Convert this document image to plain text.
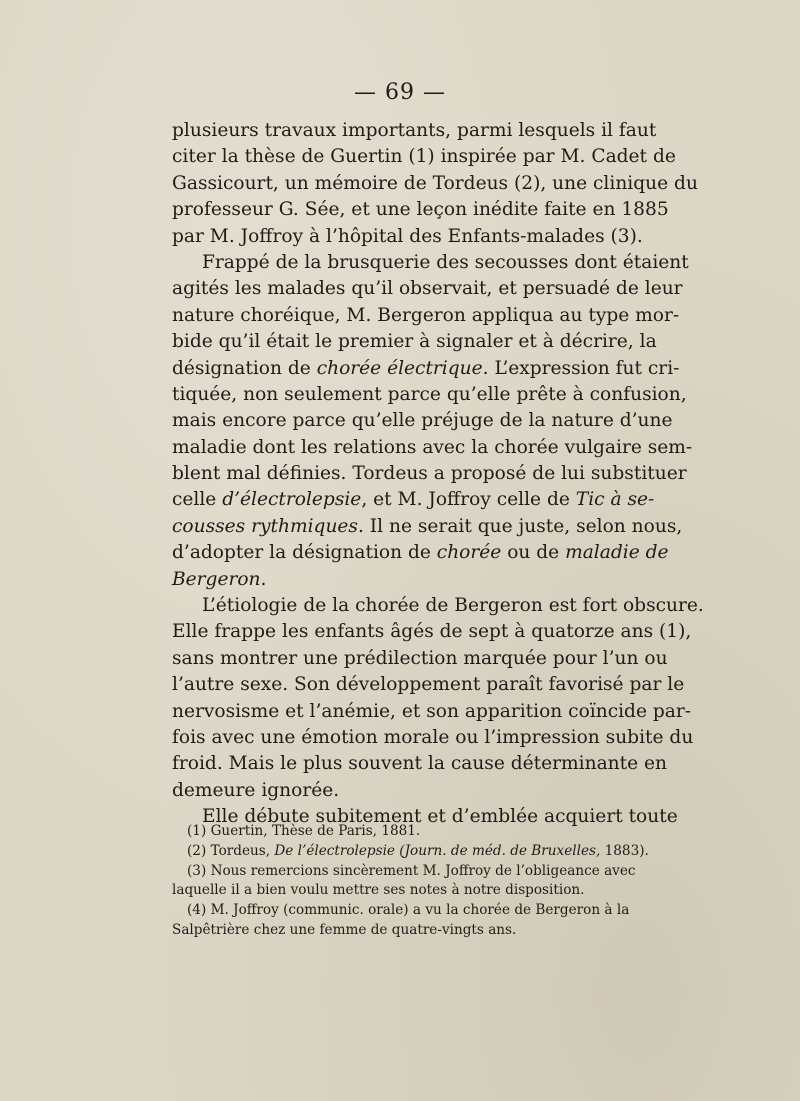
— 69 —
plusieurs travaux importants, parmi lesquels il faut
citer la thèse de Guertin (1) inspirée par M. Cadet de
Gassicourt, un mémoire de Tordeus (2), une clinique du
professeur G. Sée, et une leçon inédite faite en 1885
par M. Joffroy à l’hôpital des Enfants-malades (3).
Frappé de la brusquerie des secousses dont étaient
agités les malades qu’il observait, et persuadé de leur
nature choréique, M. Bergeron appliqua au type mor-
bide qu’il était le premier à signaler et à décrire, la
désignation de chorée électrique. L’expression fut cri-
tiquée, non seulement parce qu’elle prête à confusion,
mais encore parce qu’elle préjuge de la nature d’une
maladie dont les relations avec la chorée vulgaire sem-
blent mal définies. Tordeus a proposé de lui substituer
celle d’électrolepsie, et M. Joffroy celle de Tic à se-
cousses rythmiques. Il ne serait que juste, selon nous,
d’adopter la désignation de chorée ou de maladie de
Bergeron.
L’étiologie de la chorée de Bergeron est fort obscure.
Elle frappe les enfants âgés de sept à quatorze ans (1),
sans montrer une prédilection marquée pour l’un ou
l’autre sexe. Son développement paraît favorisé par le
nervosisme et l’anémie, et son apparition coïncide par-
fois avec une émotion morale ou l’impression subite du
froid. Mais le plus souvent la cause déterminante en
demeure ignorée.
Elle débute subitement et d’emblée acquiert toute
(1) Guertin, Thèse de Paris, 1881.
(2) Tordeus, De l’électrolepsie (Journ. de méd. de Bruxelles, 1883).
(3) Nous remercions sincèrement M. Joffroy de l’obligeance avec
laquelle il a bien voulu mettre ses notes à notre disposition.
(4) M. Joffroy (communic. orale) a vu la chorée de Bergeron à la
Salpêtrière chez une femme de quatre-vingts ans.
